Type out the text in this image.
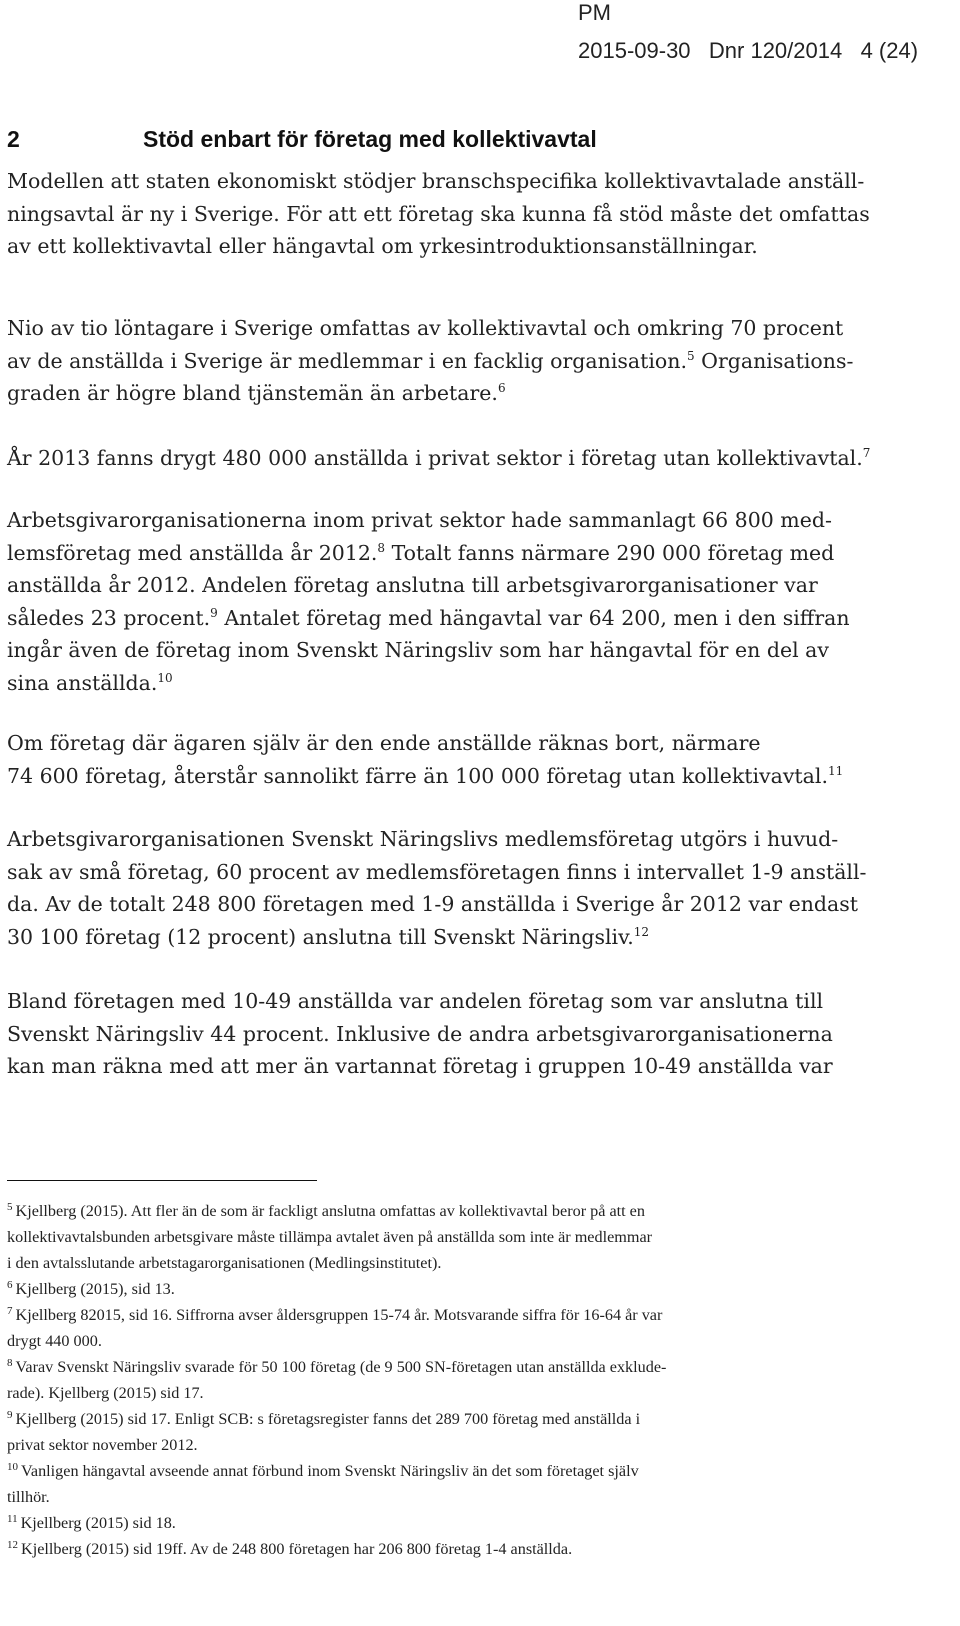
PM
2015-09-30 Dnr 120/2014 4 (24)
2	Stöd enbart för företag med kollektivavtal
Modellen att staten ekonomiskt stödjer branschspecifika kollektivavtalade anställ-
ningsavtal är ny i Sverige. För att ett företag ska kunna få stöd måste det omfattas
av ett kollektivavtal eller hängavtal om yrkesintroduktionsanställningar.
Nio av tio löntagare i Sverige omfattas av kollektivavtal och omkring 70 procent
av de anställda i Sverige är medlemmar i en facklig organisation.$^5$ Organisations-
graden är högre bland tjänstemän än arbetare.$^6$
År 2013 fanns drygt 480 000 anställda i privat sektor i företag utan kollektivavtal.$^7$
Arbetsgivarorganisationerna inom privat sektor hade sammanlagt 66 800 med-
lemsföretag med anställda år 2012.$^8$ Totalt fanns närmare 290 000 företag med
anställda år 2012. Andelen företag anslutna till arbetsgivarorganisationer var
således 23 procent.$^9$ Antalet företag med hängavtal var 64 200, men i den siffran
ingår även de företag inom Svenskt Näringsliv som har hängavtal för en del av
sina anställda.$^{10}$
Om företag där ägaren själv är den ende anställde räknas bort, närmare
74 600 företag, återstår sannolikt färre än 100 000 företag utan kollektivavtal.$^{11}$
Arbetsgivarorganisationen Svenskt Näringslivs medlemsföretag utgörs i huvud-
sak av små företag, 60 procent av medlemsföretagen finns i intervallet 1-9 anställ-
da. Av de totalt 248 800 företagen med 1-9 anställda i Sverige år 2012 var endast
30 100 företag (12 procent) anslutna till Svenskt Näringsliv.$^{12}$
Bland företagen med 10-49 anställda var andelen företag som var anslutna till
Svenskt Näringsliv 44 procent. Inklusive de andra arbetsgivarorganisationerna
kan man räkna med att mer än vartannat företag i gruppen 10-49 anställda var
$^5$ Kjellberg (2015). Att fler än de som är fackligt anslutna omfattas av kollektivavtal beror på att en
kollektivavtalsbunden arbetsgivare måste tillämpa avtalet även på anställda som inte är medlemmar
i den avtalsslutande arbetstagarorganisationen (Medlingsinstitutet).
$^6$ Kjellberg (2015), sid 13.
$^7$ Kjellberg 82015, sid 16. Siffrorna avser åldersgruppen 15-74 år. Motsvarande siffra för 16-64 år var
drygt 440 000.
$^8$ Varav Svenskt Näringsliv svarade för 50 100 företag (de 9 500 SN-företagen utan anställda exklude-
rade). Kjellberg (2015) sid 17.
$^9$ Kjellberg (2015) sid 17. Enligt SCB: s företagsregister fanns det 289 700 företag med anställda i
privat sektor november 2012.
$^{10}$ Vanligen hängavtal avseende annat förbund inom Svenskt Näringsliv än det som företaget själv
tillhör.
$^{11}$ Kjellberg (2015) sid 18.
$^{12}$ Kjellberg (2015) sid 19ff. Av de 248 800 företagen har 206 800 företag 1-4 anställda.
